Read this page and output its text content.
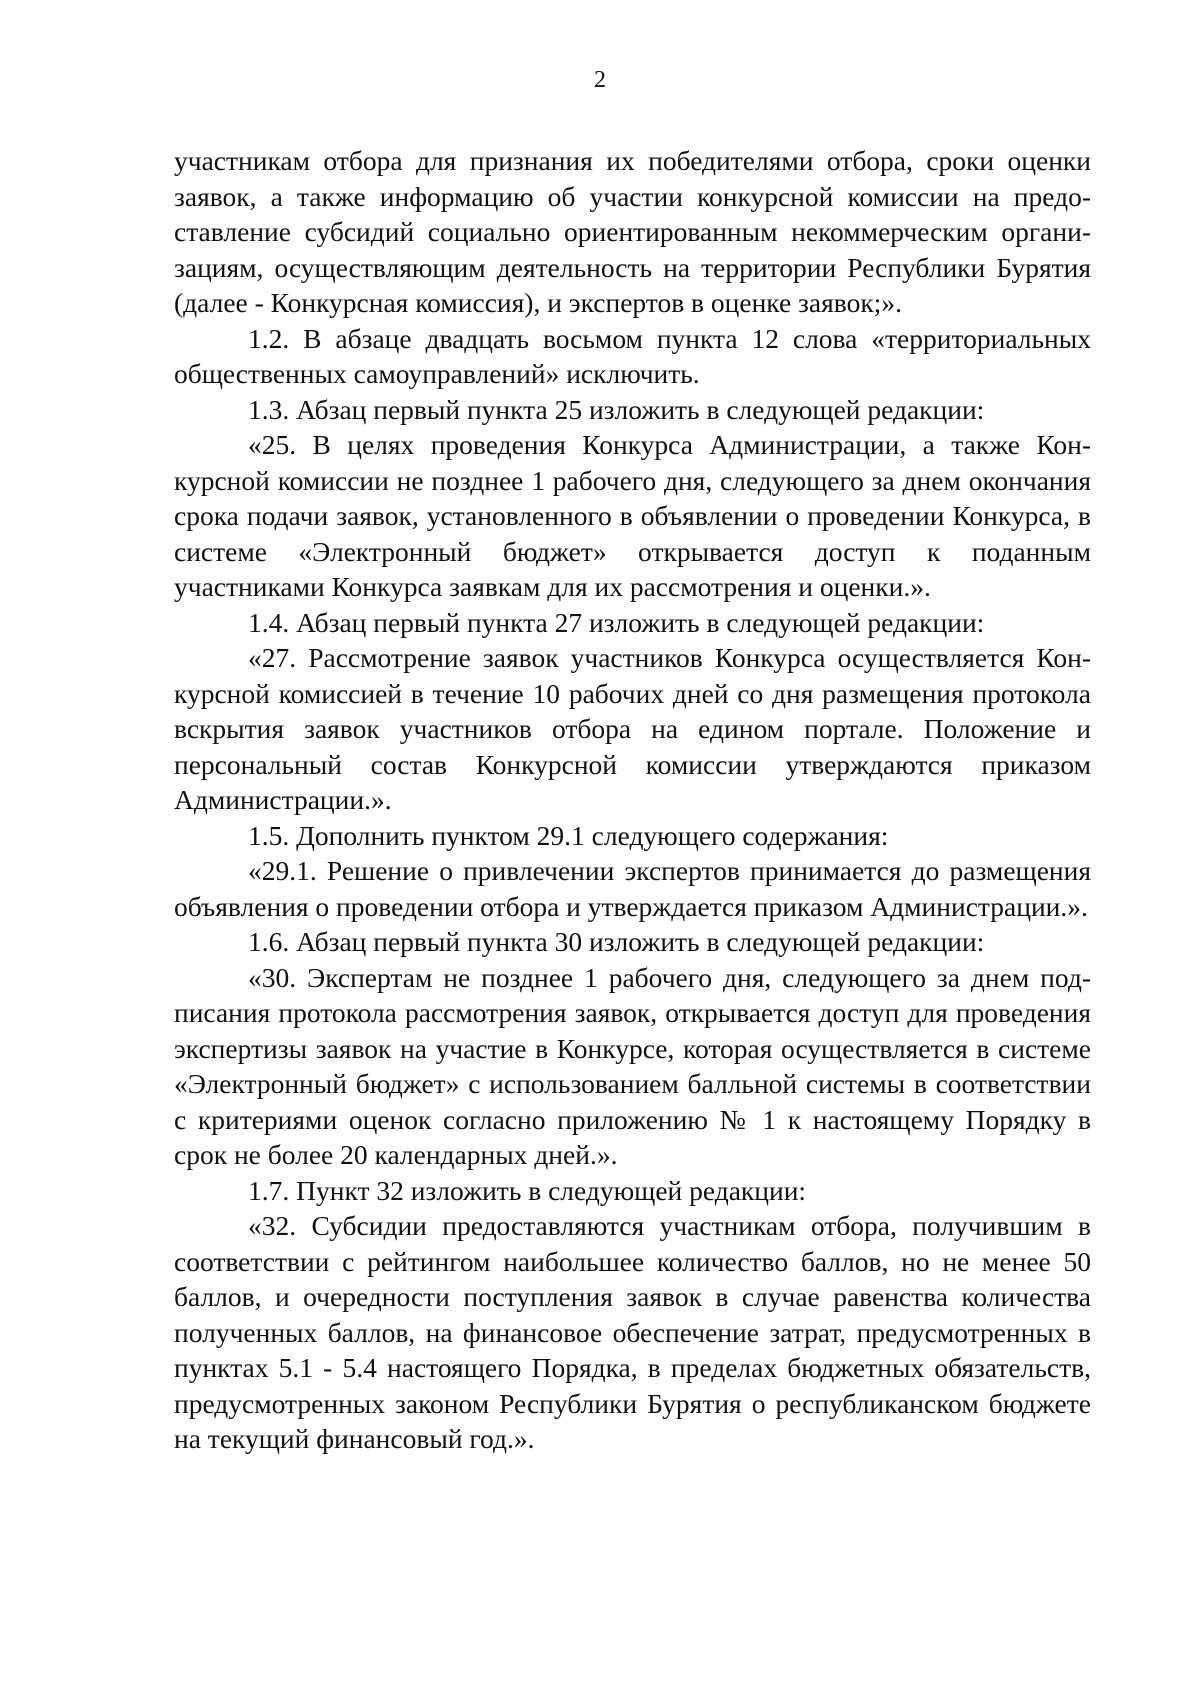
2

участникам отбора для признания их победителями отбора, сроки оценки заявок, а также информацию об участии конкурсной комиссии на предоставление субсидий социально ориентированным некоммерческим организациям, осуществляющим деятельность на территории Республики Бурятия (далее - Конкурсная комиссия), и экспертов в оценке заявок;».

1.2. В абзаце двадцать восьмом пункта 12 слова «территориальных общественных самоуправлений» исключить.

1.3. Абзац первый пункта 25 изложить в следующей редакции:

«25. В целях проведения Конкурса Администрации, а также Конкурсной комиссии не позднее 1 рабочего дня, следующего за днем окончания срока подачи заявок, установленного в объявлении о проведении Конкурса, в системе «Электронный бюджет» открывается доступ к поданным участниками Конкурса заявкам для их рассмотрения и оценки.».

1.4. Абзац первый пункта 27 изложить в следующей редакции:

«27. Рассмотрение заявок участников Конкурса осуществляется Конкурсной комиссией в течение 10 рабочих дней со дня размещения протокола вскрытия заявок участников отбора на едином портале. Положение и персональный состав Конкурсной комиссии утверждаются приказом Администрации.».

1.5. Дополнить пунктом 29.1 следующего содержания:

«29.1. Решение о привлечении экспертов принимается до размещения объявления о проведении отбора и утверждается приказом Администрации.».

1.6. Абзац первый пункта 30 изложить в следующей редакции:

«30. Экспертам не позднее 1 рабочего дня, следующего за днем подписания протокола рассмотрения заявок, открывается доступ для проведения экспертизы заявок на участие в Конкурсе, которая осуществляется в системе «Электронный бюджет» с использованием балльной системы в соответствии с критериями оценок согласно приложению № 1 к настоящему Порядку в срок не более 20 календарных дней.».

1.7. Пункт 32 изложить в следующей редакции:

«32. Субсидии предоставляются участникам отбора, получившим в соответствии с рейтингом наибольшее количество баллов, но не менее 50 баллов, и очередности поступления заявок в случае равенства количества полученных баллов, на финансовое обеспечение затрат, предусмотренных в пунктах 5.1 - 5.4 настоящего Порядка, в пределах бюджетных обязательств, предусмотренных законом Республики Бурятия о республиканском бюджете на текущий финансовый год.».
